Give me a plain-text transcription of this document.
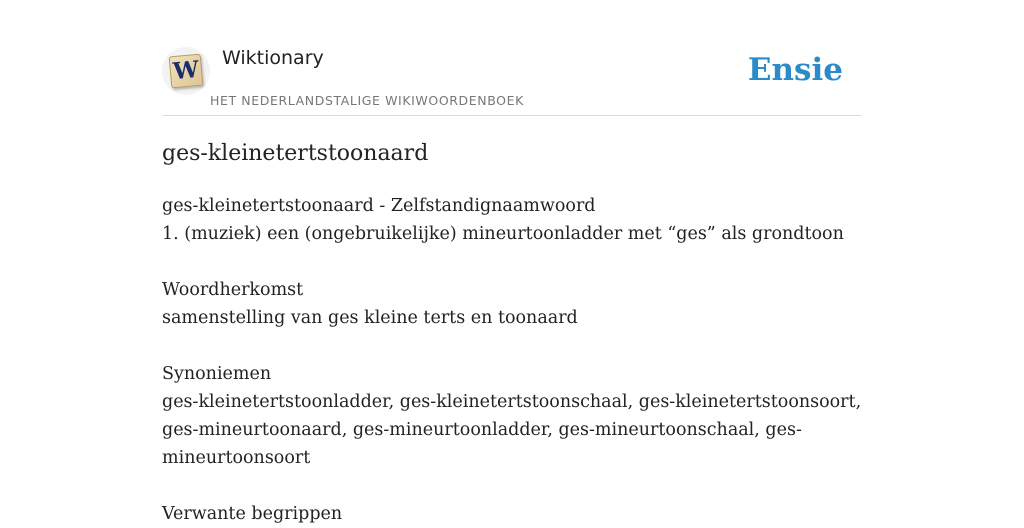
W Wiktionary
HET NEDERLANDSTALIGE WIKIWOORDENBOEK
Ensie
ges-kleinetertstoonaard

ges-kleinetertstoonaard - Zelfstandignaamwoord

1. (muziek) een (ongebruikelijke) mineurtoonladder met “ges” als grondtoon

Woordherkomst

samenstelling van ges kleine terts en toonaard

Synoniemen

ges-kleinetertstoonladder, ges-kleinetertstoonschaal, ges-kleinetertstoonsoort, ges-mineurtoonaard, ges-mineurtoonladder, ges-mineurtoonschaal, ges-mineurtoonsoort

Verwante begrippen
